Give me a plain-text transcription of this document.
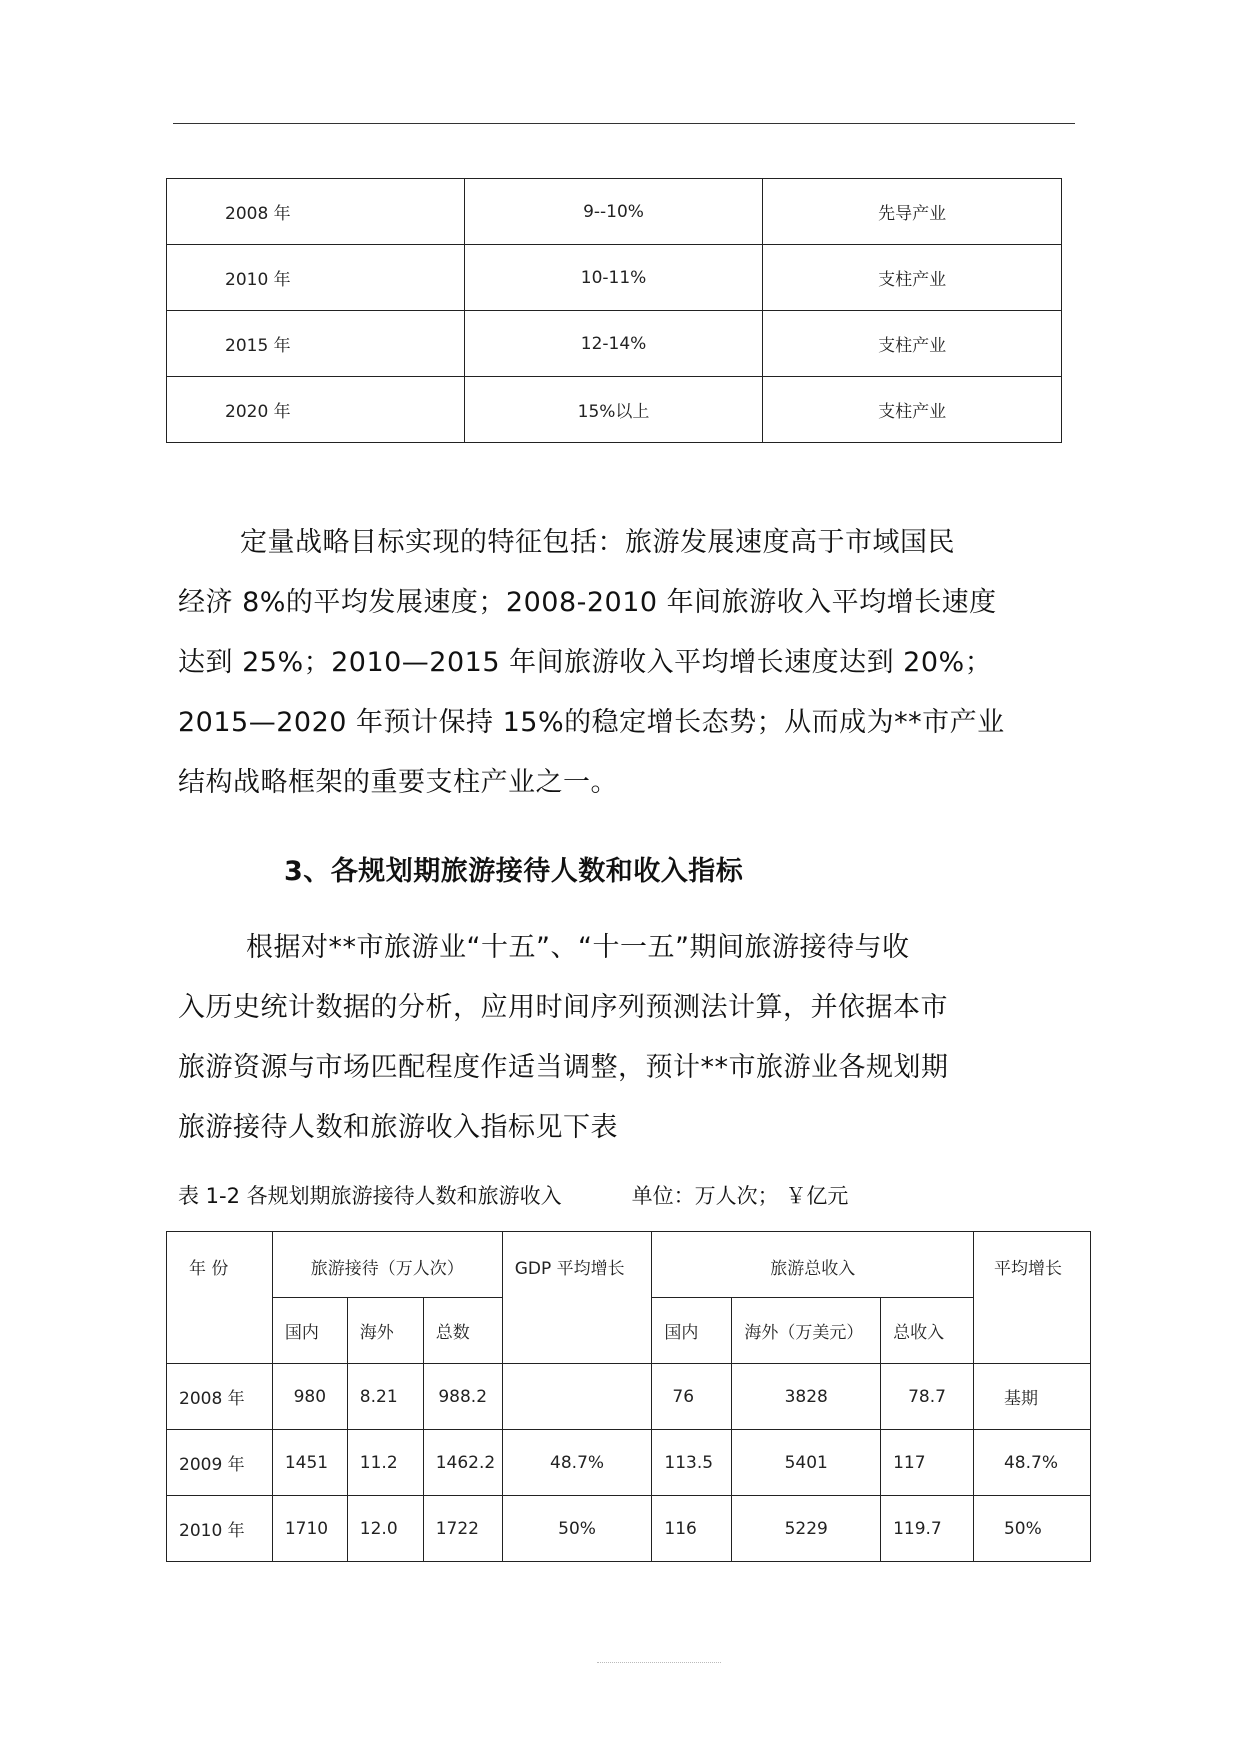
2008 年	9--10%	先导产业
2010 年	10-11%	支柱产业
2015 年	12-14%	支柱产业
2020 年	15%以上	支柱产业
定量战略目标实现的特征包括：旅游发展速度高于市域国民
经济 8%的平均发展速度；2008-2010 年间旅游收入平均增长速度
达到 25%；2010—2015 年间旅游收入平均增长速度达到 20%；
2015—2020 年预计保持 15%的稳定增长态势；从而成为**市产业
结构战略框架的重要支柱产业之一。
3、各规划期旅游接待人数和收入指标
根据对**市旅游业“十五”、“十一五”期间旅游接待与收
入历史统计数据的分析，应用时间序列预测法计算，并依据本市
旅游资源与市场匹配程度作适当调整，预计**市旅游业各规划期
旅游接待人数和旅游收入指标见下表
表 1-2 各规划期旅游接待人数和旅游收入	单位：万人次； ￥亿元
年 份	旅游接待（万人次）			GDP 平均增长	旅游总收入			平均增长
	国内	海外	总数		国内	海外（万美元）	总收入	
2008 年	980	8.21	988.2		76	3828	78.7	基期
2009 年	1451	11.2	1462.2	48.7%	113.5	5401	117	48.7%
2010 年	1710	12.0	1722	50%	116	5229	119.7	50%
